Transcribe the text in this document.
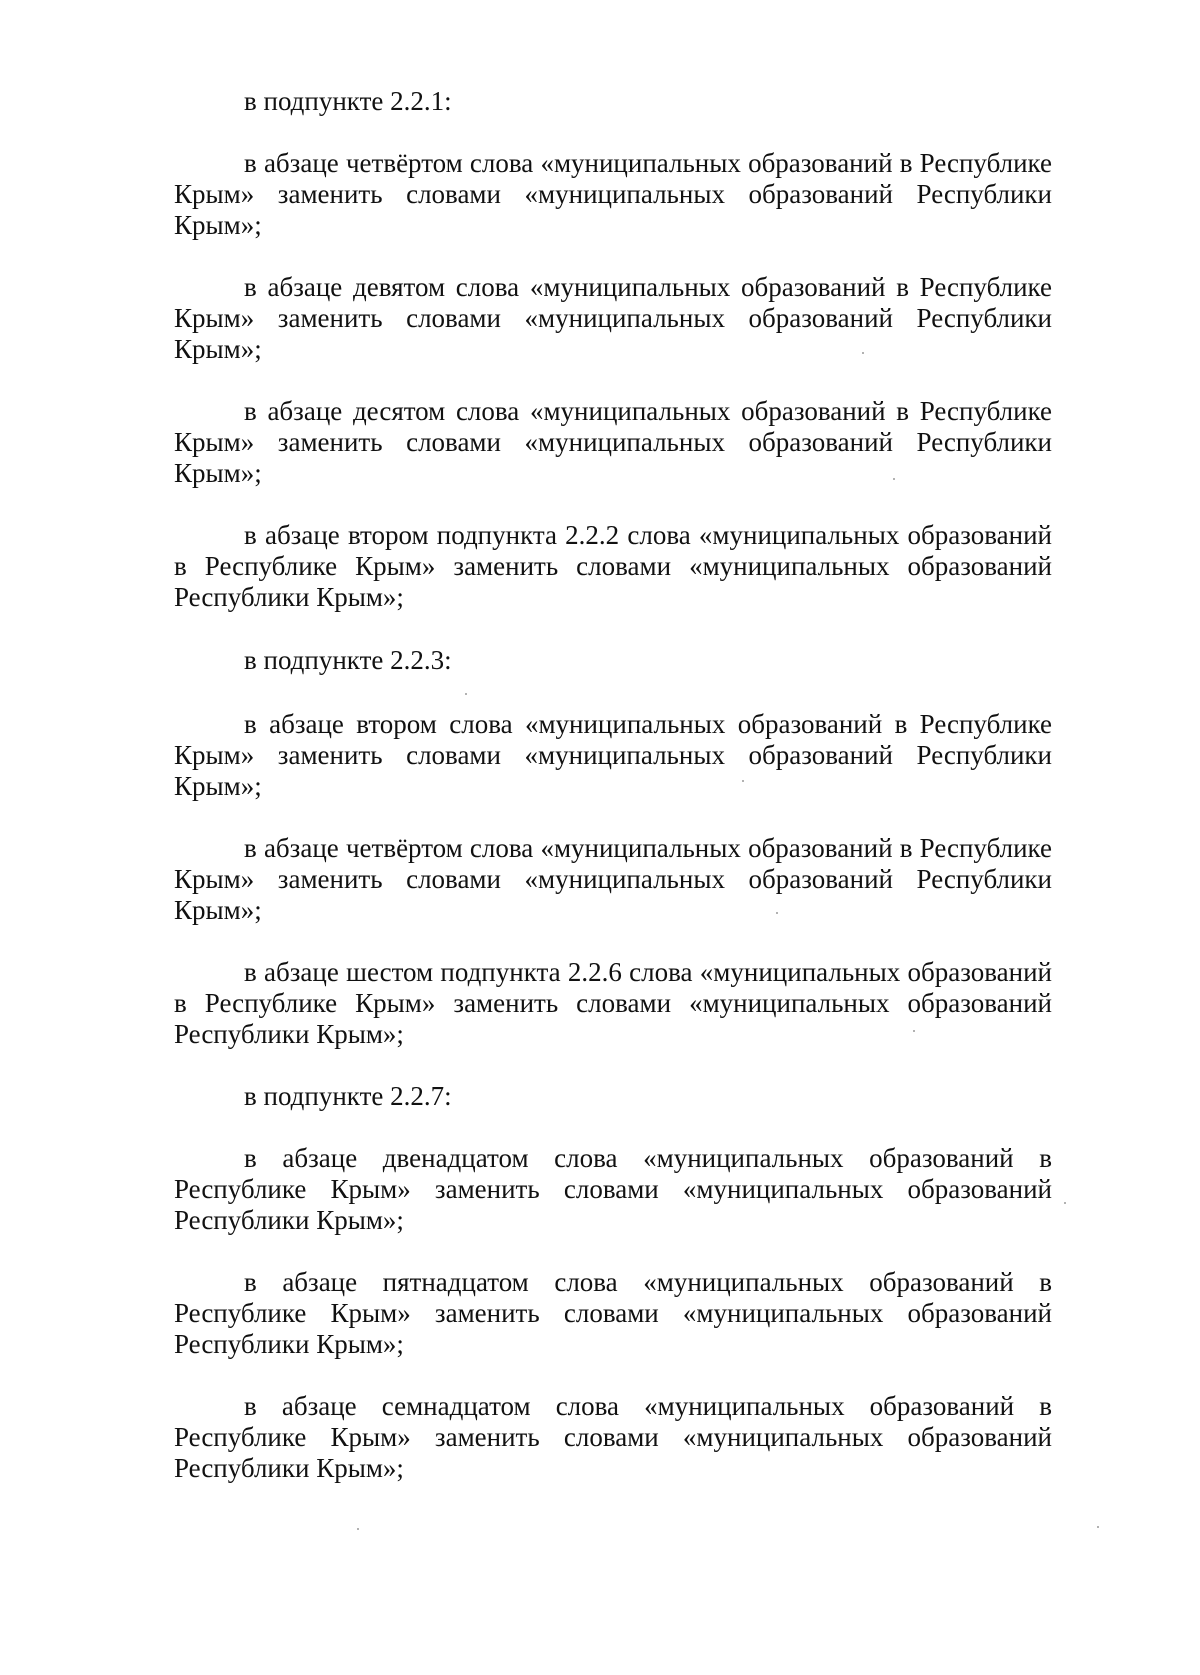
в подпункте 2.2.1:

в абзаце четвёртом слова «муниципальных образований в Республике Крым» заменить словами «муниципальных образований Республики Крым»;

в абзаце девятом слова «муниципальных образований в Республике Крым» заменить словами «муниципальных образований Республики Крым»;

в абзаце десятом слова «муниципальных образований в Республике Крым» заменить словами «муниципальных образований Республики Крым»;

в абзаце втором подпункта 2.2.2 слова «муниципальных образований в Республике Крым» заменить словами «муниципальных образований Республики Крым»;

в подпункте 2.2.3:

в абзаце втором слова «муниципальных образований в Республике Крым» заменить словами «муниципальных образований Республики Крым»;

в абзаце четвёртом слова «муниципальных образований в Республике Крым» заменить словами «муниципальных образований Республики Крым»;

в абзаце шестом подпункта 2.2.6 слова «муниципальных образований в Республике Крым» заменить словами «муниципальных образований Республики Крым»;

в подпункте 2.2.7:

в абзаце двенадцатом слова «муниципальных образований в Республике Крым» заменить словами «муниципальных образований Республики Крым»;

в абзаце пятнадцатом слова «муниципальных образований в Республике Крым» заменить словами «муниципальных образований Республики Крым»;

в абзаце семнадцатом слова «муниципальных образований в Республике Крым» заменить словами «муниципальных образований Республики Крым»;
